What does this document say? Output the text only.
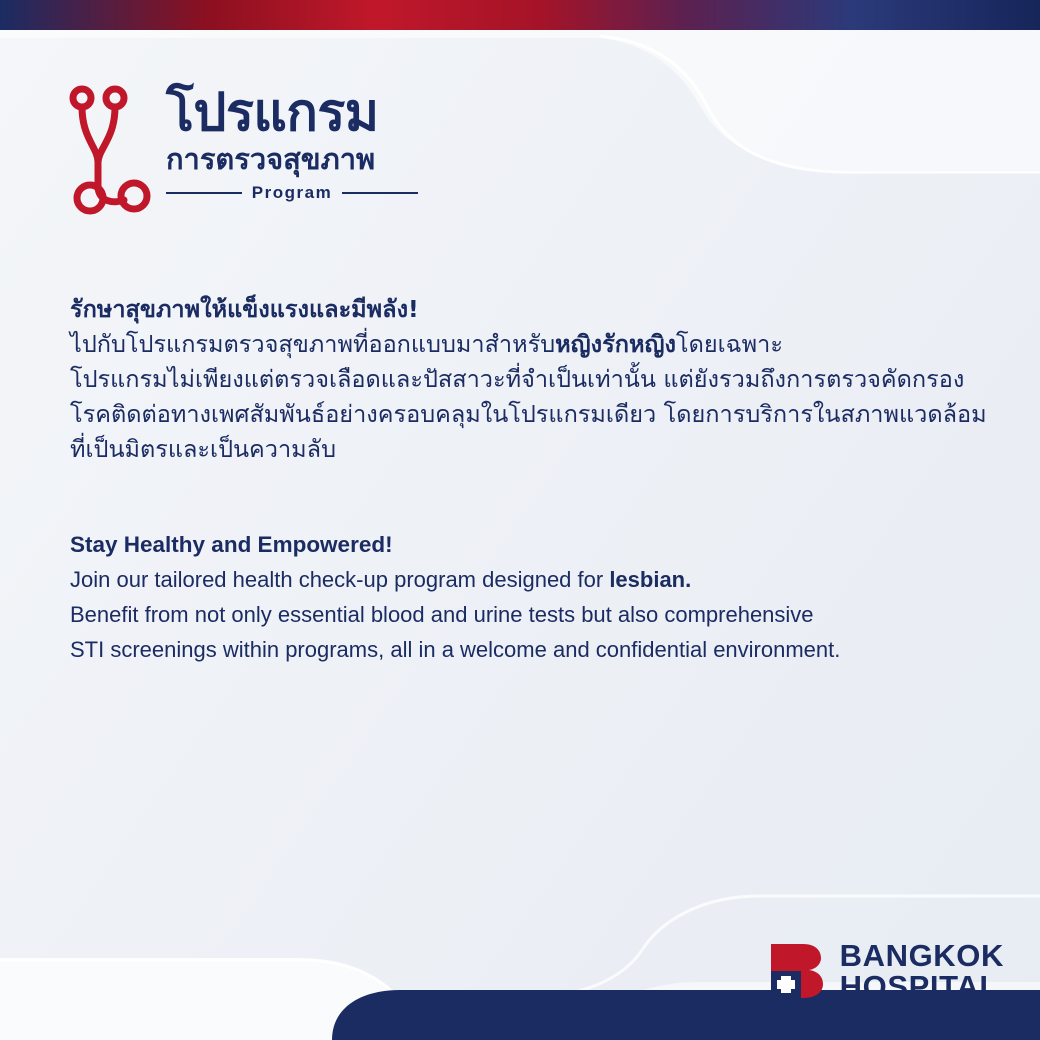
โปรแกรม
การตรวจสุขภาพ
Program

รักษาสุขภาพให้แข็งแรงและมีพลัง!

ไปกับโปรแกรมตรวจสุขภาพที่ออกแบบมาสำหรับหญิงรักหญิงโดยเฉพาะ

โปรแกรมไม่เพียงแต่ตรวจเลือดและปัสสาวะที่จำเป็นเท่านั้น แต่ยังรวมถึงการตรวจคัดกรอง

โรคติดต่อทางเพศสัมพันธ์อย่างครอบคลุมในโปรแกรมเดียว โดยการบริการในสภาพแวดล้อม

ที่เป็นมิตรและเป็นความลับ

Stay Healthy and Empowered!

Join our tailored health check-up program designed for lesbian.

Benefit from not only essential blood and urine tests but also comprehensive

STI screenings within programs, all in a welcome and confidential environment.

BANGKOK
HOSPITAL
